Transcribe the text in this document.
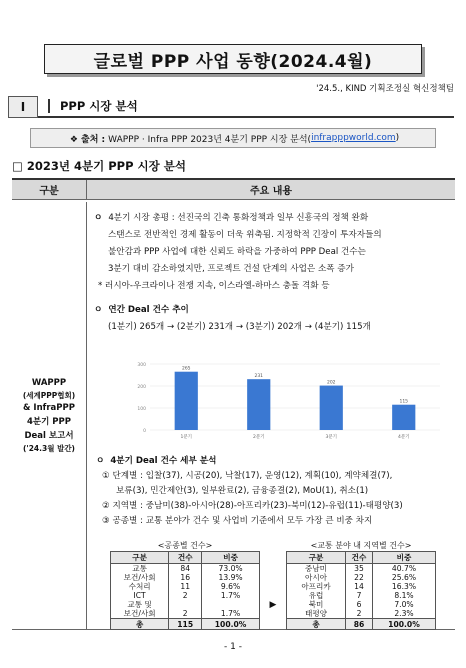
글로벌 PPP 사업 동향(2024.4월)
'24.5., KIND 기획조정실 혁신정책팀
I	PPP 시장 분석
❖ 출처 : WAPPP · Infra PPP 2023년 4분기 PPP 시장 분석( infrapppworld.com )
□ 2023년 4분기 PPP 시장 분석
구분	주요 내용
WAPPP
(세계PPP협회)
& InfraPPP
4분기 PPP
Deal 보고서
('24.3월 발간)
ㅇ 4분기 시장 총평 : 선진국의 긴축 통화정책과 일부 신흥국의 정책 완화
스탠스로 전반적인 경제 활동이 더욱 위축됨. 지정학적 긴장이 투자자들의
불안감과 PPP 사업에 대한 신뢰도 하락을 가중하여 PPP Deal 건수는
3분기 대비 감소하였지만, 프로젝트 건설 단계의 사업은 소폭 증가
* 러시아-우크라이나 전쟁 지속, 이스라엘-하마스 충돌 격화 등
ㅇ 연간 Deal 건수 추이
(1분기) 265개 → (2분기) 231개 → (3분기) 202개 → (4분기) 115개
0
100
200
300
265
1분기
231
2분기
202
3분기
115
4분기
ㅇ 4분기 Deal 건수 세부 분석
① 단계별 : 입찰(37), 시공(20), 낙찰(17), 운영(12), 계획(10), 계약체결(7),
보류(3), 민간제안(3), 일부완료(2), 금융종결(2), MoU(1), 취소(1)
② 지역별 : 중남미(38)-아시아(28)-아프리카(23)-북미(12)-유럽(11)-태평양(3)
③ 공종별 : 교통 분야가 건수 및 사업비 기준에서 모두 가장 큰 비중 차지
<공종별 건수>
구분	건수	비중
교통	84	73.0%
보건/사회	16	13.9%
수처리	11	9.6%
ICT	2	1.7%
교통 및		
보건/사회	2	1.7%
총	115	100.0%
▶
<교통 분야 내 지역별 건수>
구분	건수	비중
중남미	35	40.7%
아시아	22	25.6%
아프리카	14	16.3%
유럽	7	8.1%
북미	6	7.0%
태평양	2	2.3%
총	86	100.0%
- 1 -
